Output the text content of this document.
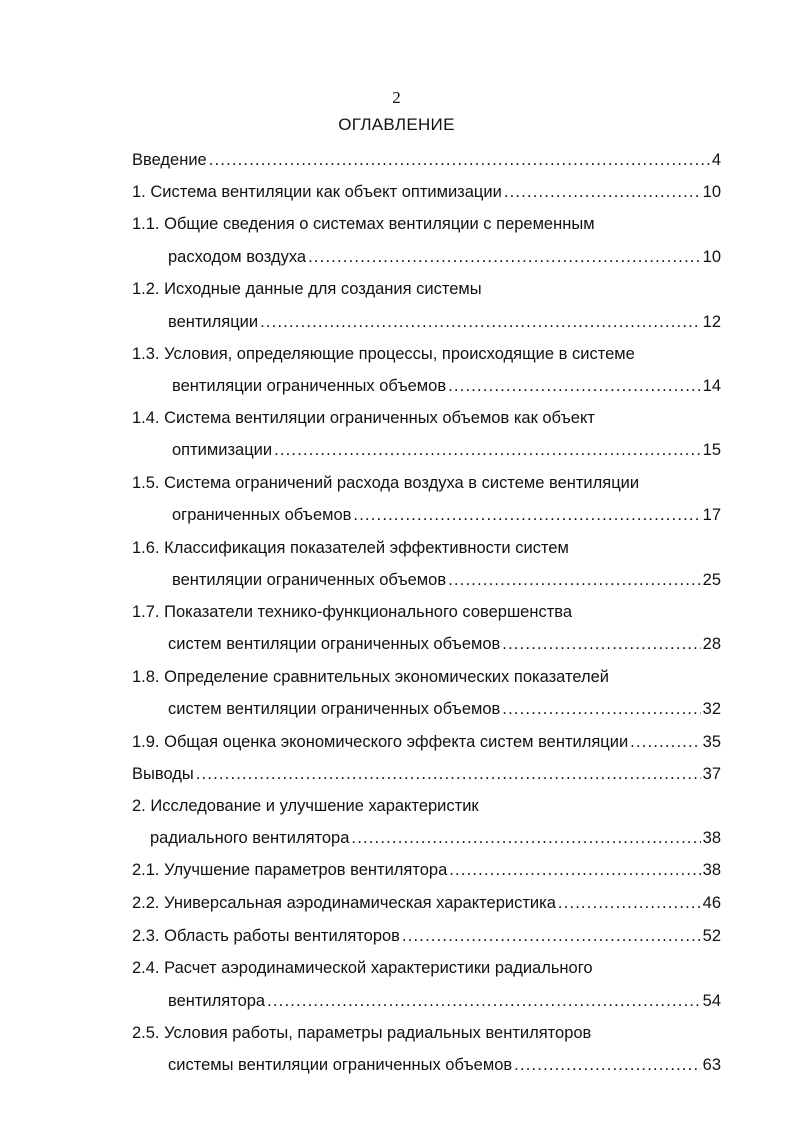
2
ОГЛАВЛЕНИЕ
Введение .....	4
1. Система вентиляции как объект оптимизации .....	10
1.1. Общие сведения о системах вентиляции с переменным
расходом воздуха .....	10
1.2. Исходные данные для создания системы
вентиляции .....	12
1.3. Условия, определяющие процессы, происходящие в системе
вентиляции ограниченных объемов .....	14
1.4. Система вентиляции ограниченных объемов как объект
оптимизации .....	15
1.5. Система ограничений расхода воздуха в системе вентиляции
ограниченных объемов .....	17
1.6. Классификация показателей эффективности систем
вентиляции ограниченных объемов .....	25
1.7. Показатели технико-функционального совершенства
систем вентиляции ограниченных объемов .....	28
1.8. Определение сравнительных экономических показателей
систем вентиляции ограниченных объемов .....	32
1.9. Общая оценка экономического эффекта систем вентиляции .....	35
Выводы .....	37
2. Исследование и улучшение характеристик
радиального вентилятора .....	38
2.1. Улучшение параметров вентилятора .....	38
2.2. Универсальная аэродинамическая характеристика .....	46
2.3. Область работы вентиляторов .....	52
2.4. Расчет аэродинамической характеристики радиального
вентилятора .....	54
2.5. Условия работы, параметры радиальных вентиляторов
системы вентиляции ограниченных объемов .....	63
